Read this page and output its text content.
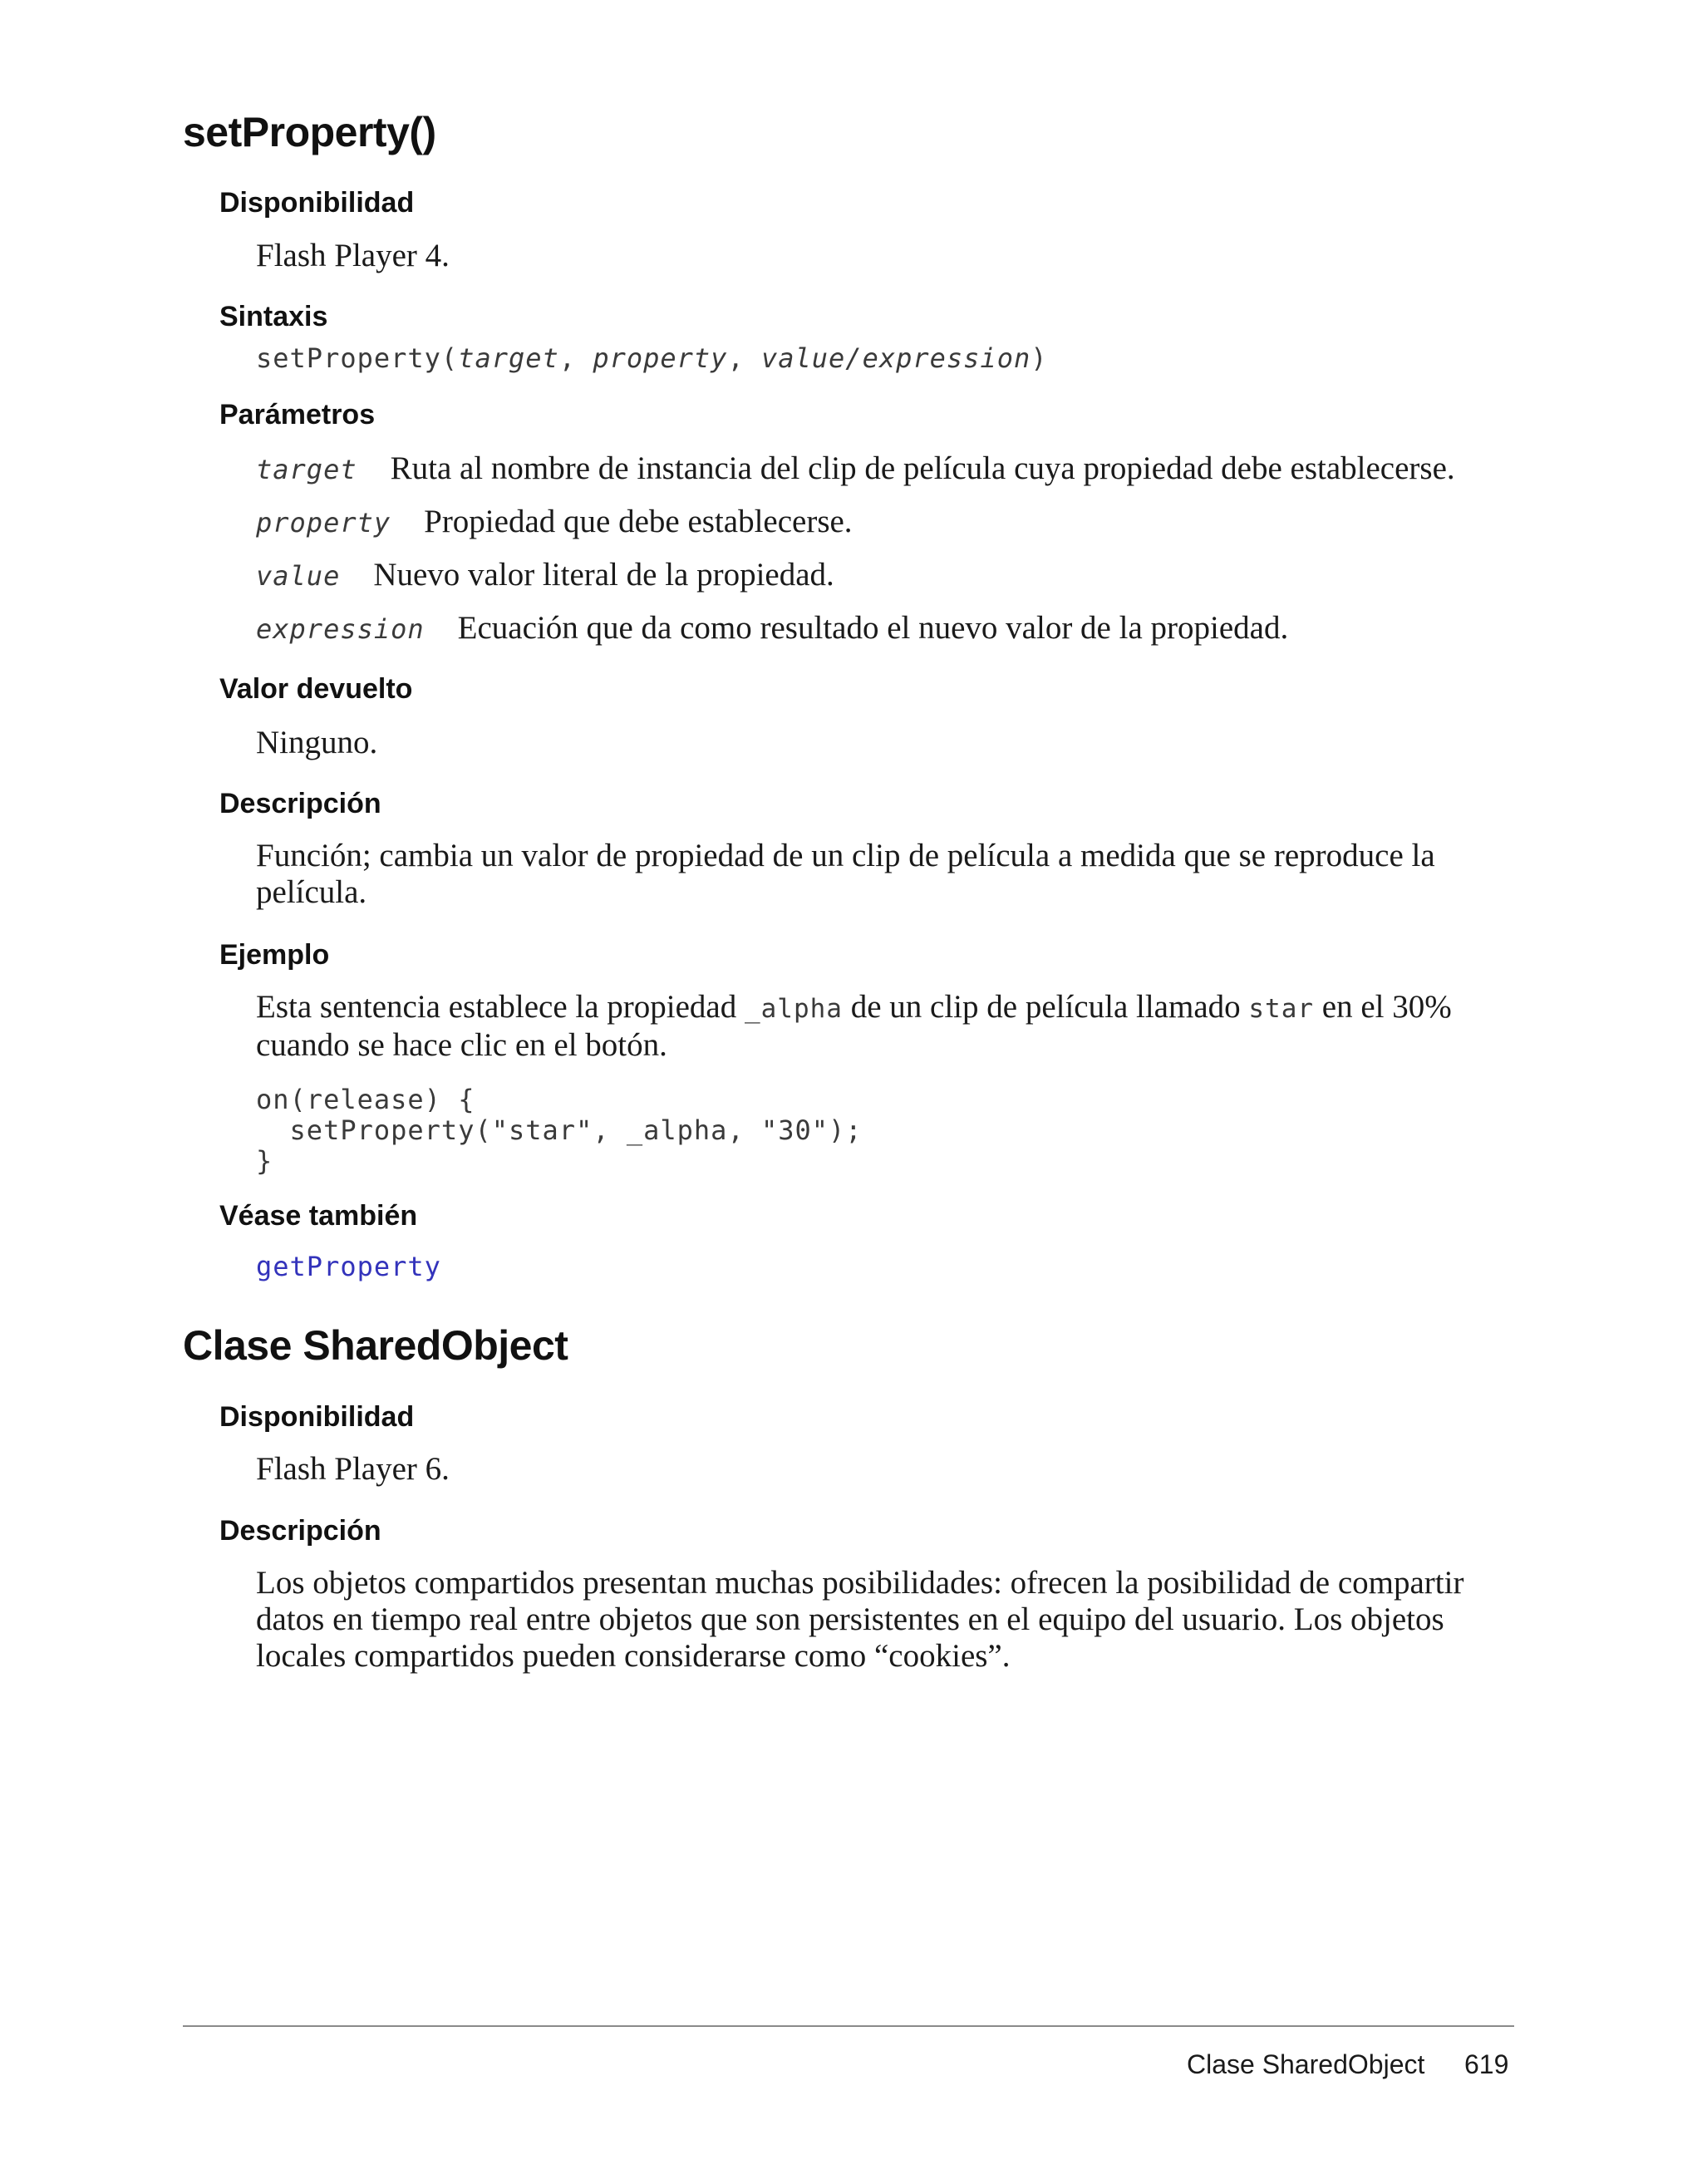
setProperty()
Disponibilidad

Flash Player 4.

Sintaxis
setProperty(target, property, value/expression)
Parámetros
target Ruta al nombre de instancia del clip de película cuya propiedad debe establecerse.
property Propiedad que debe establecerse.
value Nuevo valor literal de la propiedad.
expression Ecuación que da como resultado el nuevo valor de la propiedad.
Valor devuelto

Ninguno.

Descripción

Función; cambia un valor de propiedad de un clip de película a medida que se reproduce la película.

Ejemplo

Esta sentencia establece la propiedad _alpha de un clip de película llamado star en el 30% cuando se hace clic en el botón.

on(release) {
setProperty("star", _alpha, "30");
}
Véase también
getProperty
Clase SharedObject
Disponibilidad

Flash Player 6.

Descripción

Los objetos compartidos presentan muchas posibilidades: ofrecen la posibilidad de compartir datos en tiempo real entre objetos que son persistentes en el equipo del usuario. Los objetos locales compartidos pueden considerarse como “cookies”.

Clase SharedObject 619
